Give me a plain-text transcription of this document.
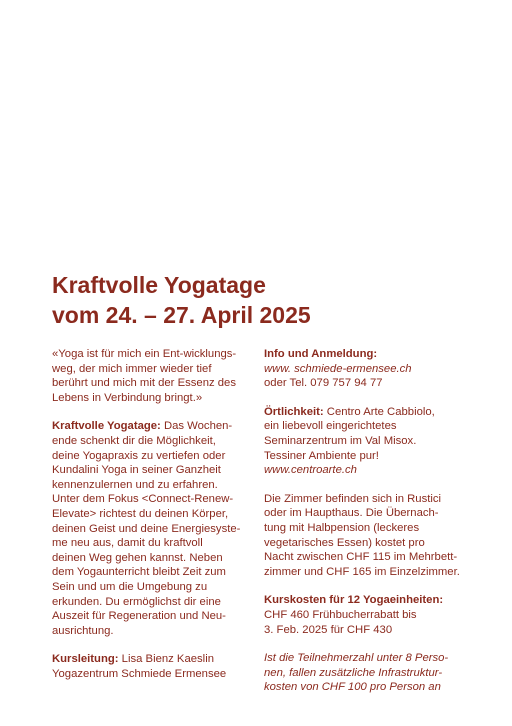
Kraftvolle Yogatage
vom 24. – 27. April 2025

«Yoga ist für mich ein Ent-wicklungs-
weg, der mich immer wieder tief
berührt und mich mit der Essenz des
Lebens in Verbindung bringt.»

Kraftvolle Yogatage: Das Wochen-
ende schenkt dir die Möglichkeit,
deine Yogapraxis zu vertiefen oder
Kundalini Yoga in seiner Ganzheit
kennenzulernen und zu erfahren.
Unter dem Fokus <Connect-Renew-
Elevate> richtest du deinen Körper,
deinen Geist und deine Energiesyste-
me neu aus, damit du kraftvoll
deinen Weg gehen kannst. Neben
dem Yogaunterricht bleibt Zeit zum
Sein und um die Umgebung zu
erkunden. Du ermöglichst dir eine
Auszeit für Regeneration und Neu-
ausrichtung.

Kursleitung: Lisa Bienz Kaeslin
Yogazentrum Schmiede Ermensee

Info und Anmeldung:
www. schmiede-ermensee.ch
oder Tel. 079 757 94 77

Örtlichkeit: Centro Arte Cabbiolo,
ein liebevoll eingerichtetes
Seminarzentrum im Val Misox.
Tessiner Ambiente pur!
www.centroarte.ch

Die Zimmer befinden sich in Rustici
oder im Haupthaus. Die Übernach-
tung mit Halbpension (leckeres
vegetarisches Essen) kostet pro
Nacht zwischen CHF 115 im Mehrbett-
zimmer und CHF 165 im Einzelzimmer.

Kurskosten für 12 Yogaeinheiten:
CHF 460 Frühbucherrabatt bis
3. Feb. 2025 für CHF 430

Ist die Teilnehmerzahl unter 8 Perso-
nen, fallen zusätzliche Infrastruktur-
kosten von CHF 100 pro Person an
